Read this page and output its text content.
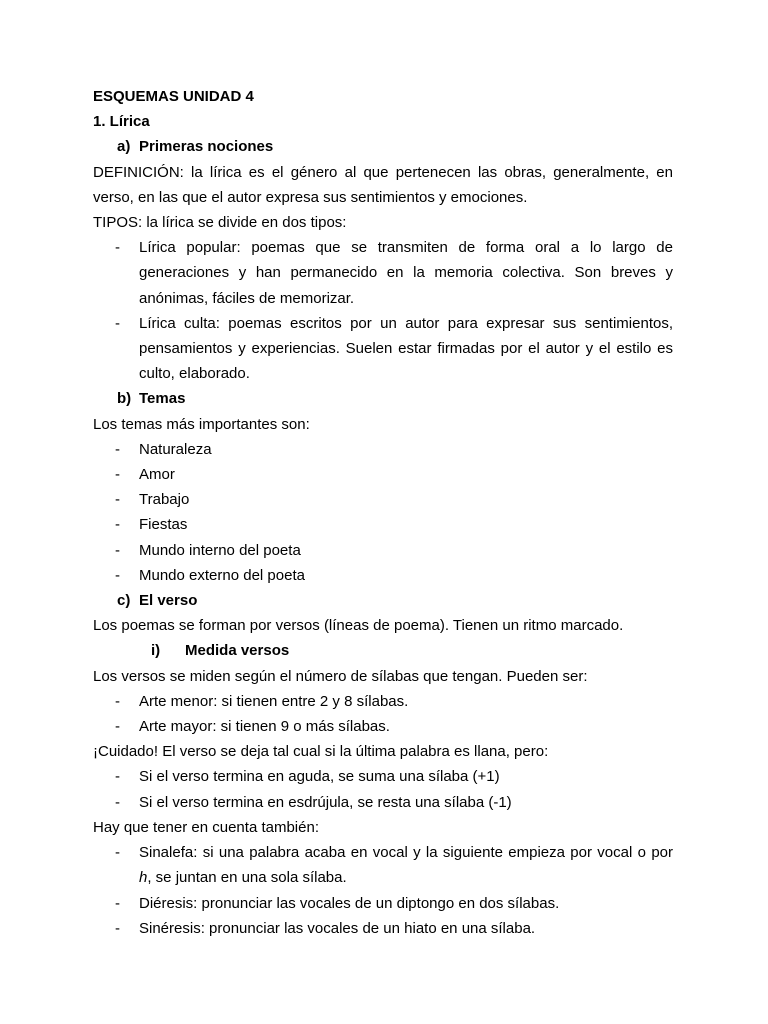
ESQUEMAS UNIDAD 4

1. Lírica

a) Primeras nociones

DEFINICIÓN: la lírica es el género al que pertenecen las obras, generalmente, en verso, en las que el autor expresa sus sentimientos y emociones.

TIPOS: la lírica se divide en dos tipos:

- Lírica popular: poemas que se transmiten de forma oral a lo largo de generaciones y han permanecido en la memoria colectiva. Son breves y anónimas, fáciles de memorizar.
- Lírica culta: poemas escritos por un autor para expresar sus sentimientos, pensamientos y experiencias. Suelen estar firmadas por el autor y el estilo es culto, elaborado.

b) Temas

Los temas más importantes son:

- Naturaleza
- Amor
- Trabajo
- Fiestas
- Mundo interno del poeta
- Mundo externo del poeta

c) El verso

Los poemas se forman por versos (líneas de poema). Tienen un ritmo marcado.

i) Medida versos

Los versos se miden según el número de sílabas que tengan. Pueden ser:

- Arte menor: si tienen entre 2 y 8 sílabas.
- Arte mayor: si tienen 9 o más sílabas.

¡Cuidado! El verso se deja tal cual si la última palabra es llana, pero:

- Si el verso termina en aguda, se suma una sílaba (+1)
- Si el verso termina en esdrújula, se resta una sílaba (-1)

Hay que tener en cuenta también:

- Sinalefa: si una palabra acaba en vocal y la siguiente empieza por vocal o por h, se juntan en una sola sílaba.
- Diéresis: pronunciar las vocales de un diptongo en dos sílabas.
- Sinéresis: pronunciar las vocales de un hiato en una sílaba.
